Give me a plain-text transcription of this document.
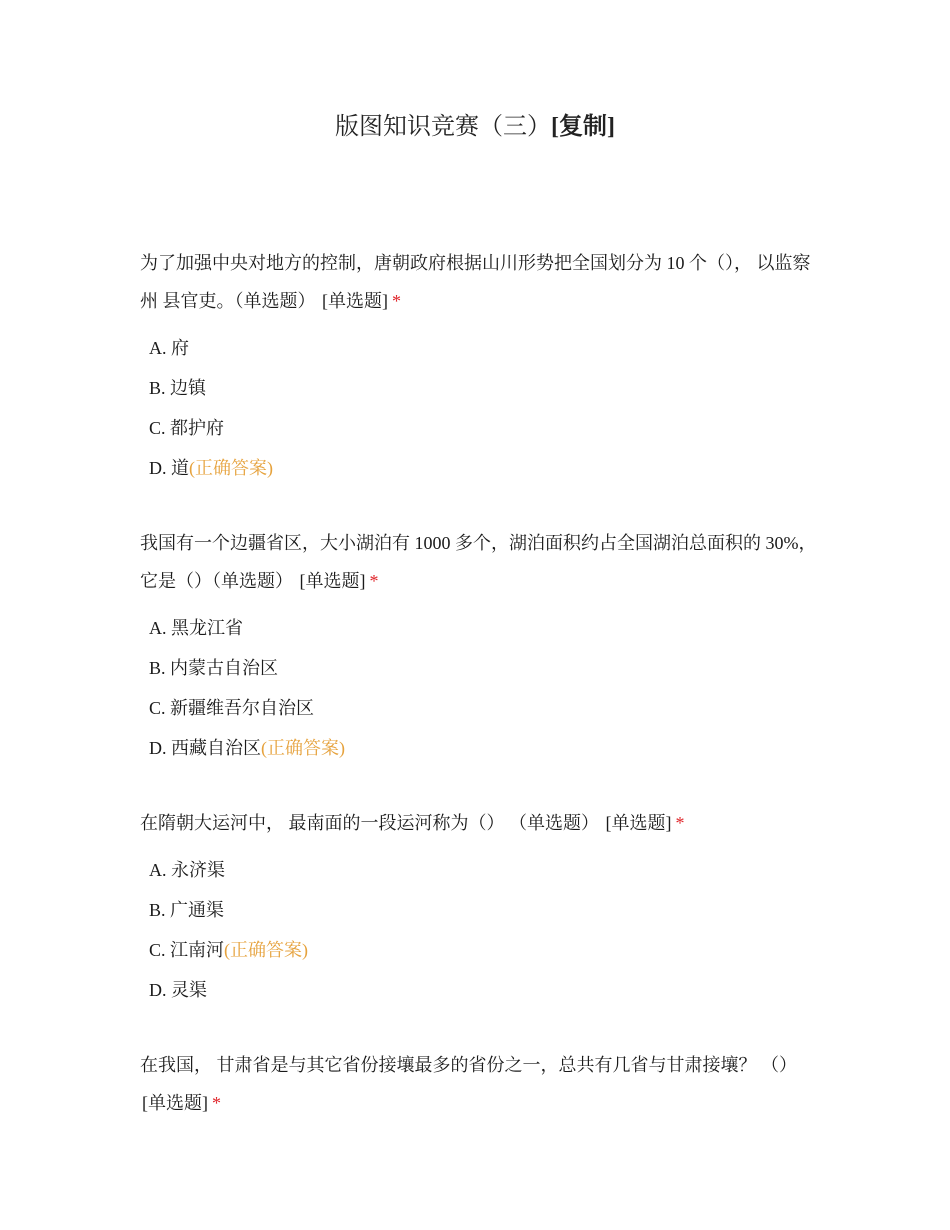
版图知识竞赛（三）[复制]
为了加强中央对地方的控制，唐朝政府根据山川形势把全国划分为 10 个（）， 以监察州 县官吏。（单选题） [单选题] *
A. 府
B. 边镇
C. 都护府
D. 道(正确答案)
我国有一个边疆省区，大小湖泊有 1000 多个，湖泊面积约占全国湖泊总面积的 30%，它是（）（单选题） [单选题] *
A. 黑龙江省
B. 内蒙古自治区
C. 新疆维吾尔自治区
D. 西藏自治区(正确答案)
在隋朝大运河中， 最南面的一段运河称为（） （单选题） [单选题] *
A. 永济渠
B. 广通渠
C. 江南河(正确答案)
D. 灵渠
在我国， 甘肃省是与其它省份接壤最多的省份之一，总共有几省与甘肃接壤？ （） [单选题] *
